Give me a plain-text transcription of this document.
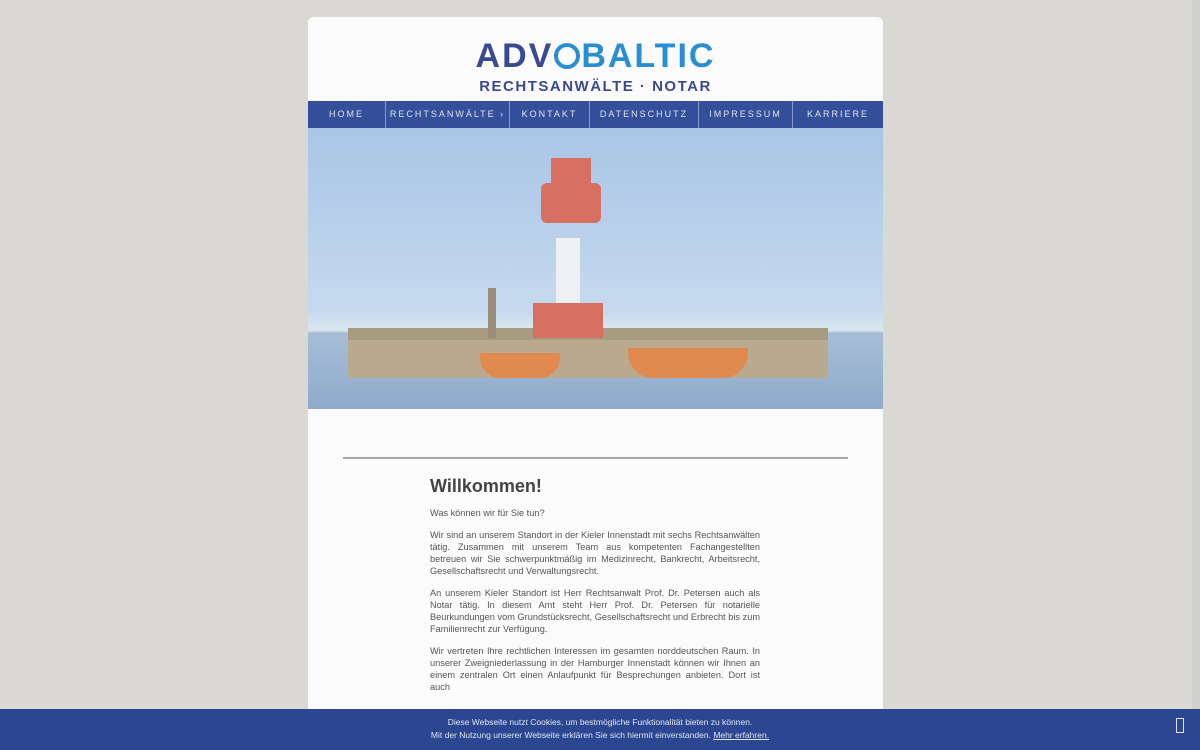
ADV BALTIC
RECHTSANWÄLTE · NOTAR
HOME	RECHTSANWÄLTE ›	KONTAKT	DATENSCHUTZ	IMPRESSUM	KARRIERE
Willkommen!

Was können wir für Sie tun?

Wir sind an unserem Standort in der Kieler Innenstadt mit sechs Rechtsanwälten tätig. Zusammen mit unserem Team aus kompetenten Fachangestellten betreuen wir Sie schwerpunktmäßig im Medizinrecht, Bankrecht, Arbeitsrecht, Gesellschaftsrecht und Verwaltungsrecht.

An unserem Kieler Standort ist Herr Rechtsanwalt Prof. Dr. Petersen auch als Notar tätig. In diesem Amt steht Herr Prof. Dr. Petersen für notarielle Beurkundungen vom Grundstücksrecht, Gesellschaftsrecht und Erbrecht bis zum Familienrecht zur Verfügung.

Wir vertreten Ihre rechtlichen Interessen im gesamten norddeutschen Raum. In unserer Zweigniederlassung in der Hamburger Innenstadt können wir Ihnen an einem zentralen Ort einen Anlaufpunkt für Besprechungen anbieten. Dort ist auch

Diese Webseite nutzt Cookies, um bestmögliche Funktionalität bieten zu können.
Mit der Nutzung unserer Webseite erklären Sie sich hiermit einverstanden. Mehr erfahren.
